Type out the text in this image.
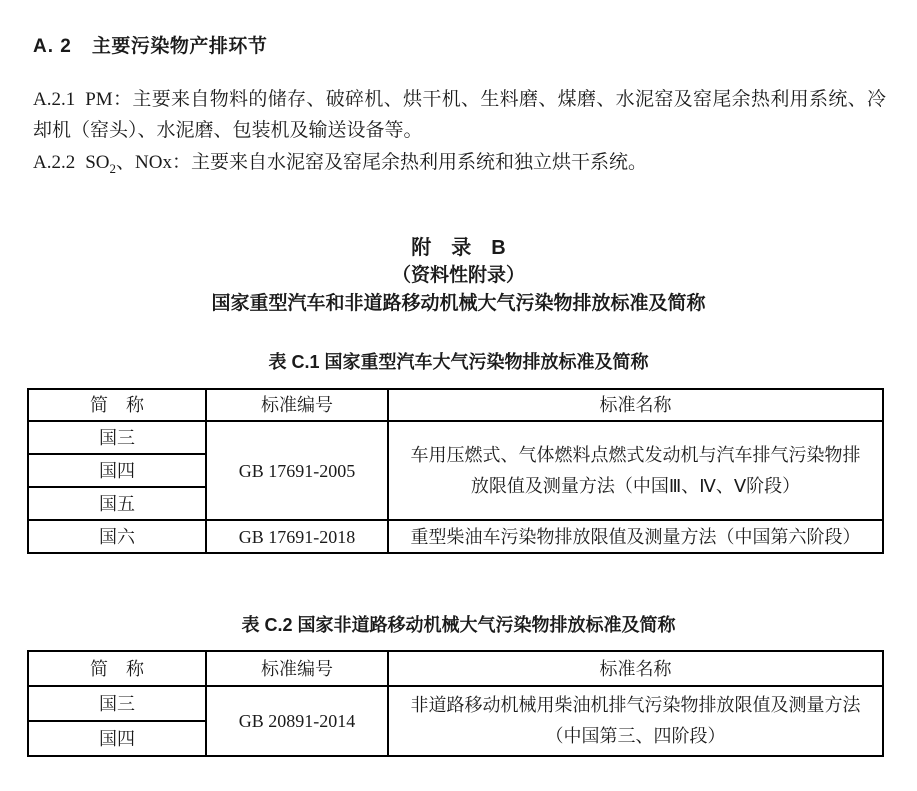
A. 2 主要污染物产排环节
A.2.1 PM：主要来自物料的储存、破碎机、烘干机、生料磨、煤磨、水泥窑及窑尾余热利用系统、冷却机（窑头）、水泥磨、包装机及输送设备等。
A.2.2 $SO_2$、NOx：主要来自水泥窑及窑尾余热利用系统和独立烘干系统。
附　录　B
（资料性附录）
国家重型汽车和非道路移动机械大气污染物排放标准及简称
表 C.1 国家重型汽车大气污染物排放标准及简称
简　称	标准编号	标准名称
国三	GB 17691-2005	车用压燃式、气体燃料点燃式发动机与汽车排气污染物排
放限值及测量方法（中国Ⅲ、Ⅳ、Ⅴ阶段）

国四		
国五		
国六	GB 17691-2018	重型柴油车污染物排放限值及测量方法（中国第六阶段）
表 C.2 国家非道路移动机械大气污染物排放标准及简称
简　称	标准编号	标准名称
国三	GB 20891-2014	非道路移动机械用柴油机排气污染物排放限值及测量方法
（中国第三、四阶段）

国四		
